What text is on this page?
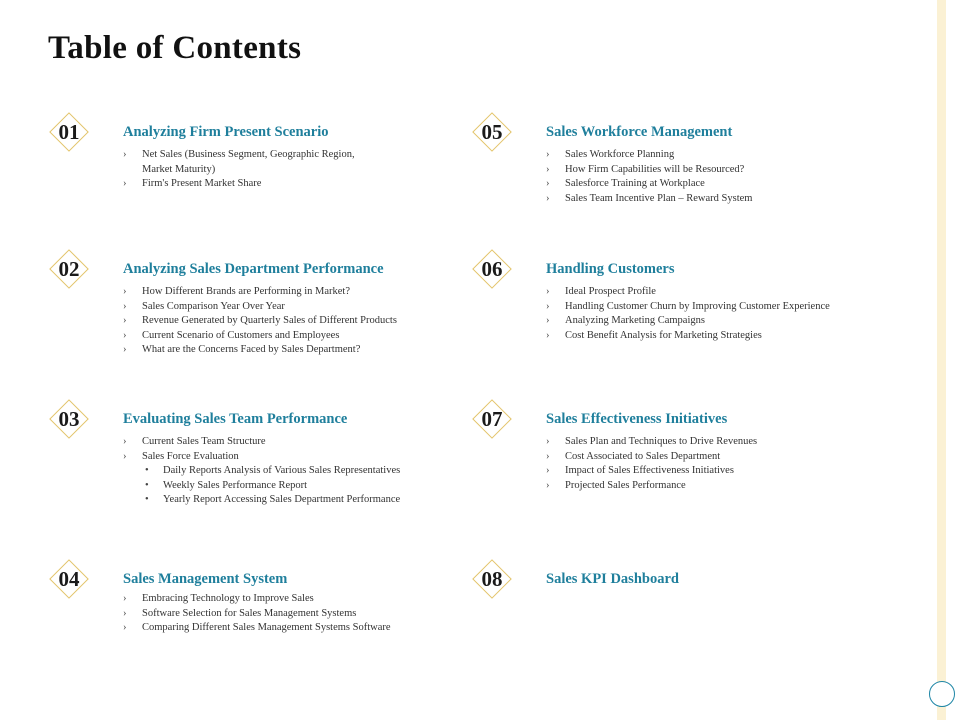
Table of Contents
01	Analyzing Firm Present Scenario
›	Net Sales (Business Segment, Geographic Region,
Market Maturity)
›	Firm's Present Market Share
02	Analyzing Sales Department Performance
›	How Different Brands are Performing in Market?
›	Sales Comparison Year Over Year
›	Revenue Generated by Quarterly Sales of Different Products
›	Current Scenario of Customers and Employees
›	What are the Concerns Faced by Sales Department?
03	Evaluating Sales Team Performance
›	Current Sales Team Structure
›	Sales Force Evaluation
•	Daily Reports Analysis of Various Sales Representatives
•	Weekly Sales Performance Report
•	Yearly Report Accessing Sales Department Performance
04	Sales Management System
›	Embracing Technology to Improve Sales
›	Software Selection for Sales Management Systems
›	Comparing Different Sales Management Systems Software
05	Sales Workforce Management
›	Sales Workforce Planning
›	How Firm Capabilities will be Resourced?
›	Salesforce Training at Workplace
›	Sales Team Incentive Plan – Reward System
06	Handling Customers
›	Ideal Prospect Profile
›	Handling Customer Churn by Improving Customer Experience
›	Analyzing Marketing Campaigns
›	Cost Benefit Analysis for Marketing Strategies
07	Sales Effectiveness Initiatives
›	Sales Plan and Techniques to Drive Revenues
›	Cost Associated to Sales Department
›	Impact of Sales Effectiveness Initiatives
›	Projected Sales Performance
08	Sales KPI Dashboard
